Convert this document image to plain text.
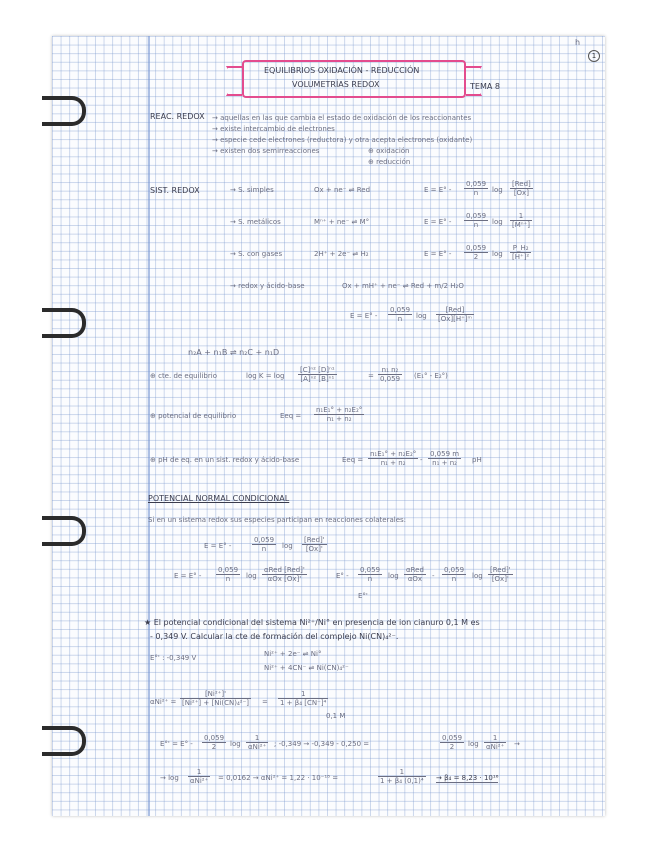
h
1
EQUILIBRIOS OXIDACIÓN - REDUCCIÓN
VOLUMETRÍAS REDOX	TEMA 8
REAC. REDOX → aquellas en las que cambia el estado de oxidación de los reaccionantes
→ existe intercambio de electrones
→ especie cede electrones (reductora) y otra acepta electrones (oxidante)
→ existen dos semirreacciones	⊕ oxidación
⊕ reducción
SIST. REDOX	→ S. simples	Ox + ne⁻ ⇌ Red	$E = E^\circ - \frac{0,059}{n}$ log
[Red]
[Ox]
→ S. metálicos	Mⁿ⁺ + ne⁻ ⇌ M°	$E = E^\circ - \frac{0,059}{n}$ $\log \frac{1}{\text{[Mⁿ⁺]}}$
→ S. con gases	2H⁺ + 2e⁻ ⇌ H₂	$E = E^\circ - \frac{0,059}{2}$ $\log \frac{\text{P\_H₂}}{\text{[H⁺]²}}$
→ redox y ácido-base	Ox + mH⁺ + ne⁻ ⇌ Red + m/2 H₂O
$E = E^\circ - \frac{0,059}{n}$ log
[Red]
[Ox][H⁺]ᵐ
n₂A + n₁B ⇌ n₂C + n₁D
⊕ cte. de equilibrio	$\log K = \log \frac{\text{[C]ⁿ² [D]ⁿ¹}}{\text{[A]ⁿ² [B]ⁿ¹}}$	= $\frac{\text{n₁ n₂}}{0,059} (E_1^\circ - E_2^\circ)$
⊕ potencial de equilibrio	Eeq = $\frac{\text{n₁E₁° + n₂E₂°}}{\text{n₁ + n₂}}$
⊕ pH de eq. en un sist. redox y ácido-base	Eeq = $\frac{\text{n₁E₁° + n₂E₂°}}{\text{n₁ + n₂}} - \frac{0,059 m}{\text{n₁ + n₂}}$ pH
POTENCIAL NORMAL CONDICIONAL
Si en un sistema redox sus especies participan en reacciones colaterales:
E = E° -	$\frac{0,059}{n}$ log
[Red]'
[Ox]'
$E = E^\circ - \frac{0,059}{n}$ log
αRed [Red]'
αOx [Ox]'	$E^\circ - \frac{0,059}{n}$ log
αRed
αOx	- $\frac{0,059}{n}$ log
[Red]'
[Ox]'
E°'
★ El potencial condicional del sistema Ni²⁺/Ni° en presencia de ion cianuro 0,1 M es
- 0,349 V. Calcular la cte de formación del complejo Ni(CN)₄²⁻.
E°' : -0,349 V	Ni²⁺ + 2e⁻ ⇌ Ni°
Ni²⁺ + 4CN⁻ ⇌ Ni(CN)₄²⁻
$\alpha Ni^{2+} = \frac{\text{[Ni²⁺]'}}{\text{[Ni²⁺] + [Ni(CN)₄²⁻]}} = \frac{1}{\text{1 + β₄ [CN⁻]⁴}}$
0,1 M
$E^\circ' = E^\circ - \frac{0,059}{2}$ log
1
αNi²⁺ ; -0,349 → -0,349 - 0,250 =	$\frac{0,059}{2}$ log
1
αNi²⁺ →
→ log
1
αNi²⁺ = 0,0162 → αNi²⁺ = 1,22 · 10⁻¹⁸ =	$\frac{1}{\text{1 + β₄ (0,1)⁴}} \to \beta_4 = 8,23 \cdot 10^{16}$
